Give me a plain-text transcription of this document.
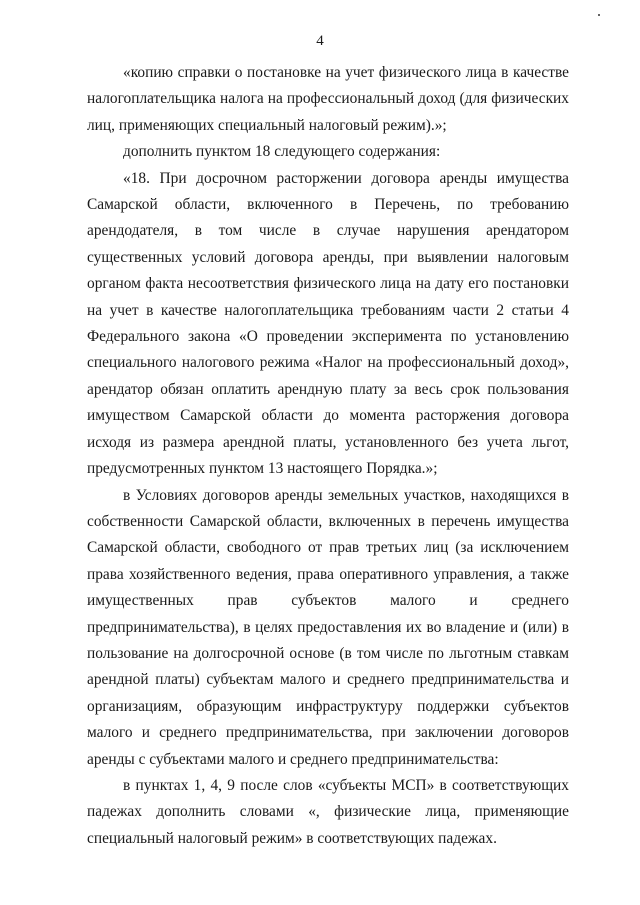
4

«копию справки о постановке на учет физического лица в качестве налогоплательщика налога на профессиональный доход (для физических лиц, применяющих специальный налоговый режим).»;

дополнить пунктом 18 следующего содержания:

«18. При досрочном расторжении договора аренды имущества Самарской области, включенного в Перечень, по требованию арендодателя, в том числе в случае нарушения арендатором существенных условий договора аренды, при выявлении налоговым органом факта несоответствия физического лица на дату его постановки на учет в качестве налогоплательщика требованиям части 2 статьи 4 Федерального закона «О проведении эксперимента по установлению специального налогового режима «Налог на профессиональный доход», арендатор обязан оплатить арендную плату за весь срок пользования имуществом Самарской области до момента расторжения договора исходя из размера арендной платы, установленного без учета льгот, предусмотренных пунктом 13 настоящего Порядка.»;

в Условиях договоров аренды земельных участков, находящихся в собственности Самарской области, включенных в перечень имущества Самарской области, свободного от прав третьих лиц (за исключением права хозяйственного ведения, права оперативного управления, а также имущественных прав субъектов малого и среднего предпринимательства), в целях предоставления их во владение и (или) в пользование на долгосрочной основе (в том числе по льготным ставкам арендной платы) субъектам малого и среднего предпринимательства и организациям, образующим инфраструктуру поддержки субъектов малого и среднего предпринимательства, при заключении договоров аренды с субъектами малого и среднего предпринимательства:

в пунктах 1, 4, 9 после слов «субъекты МСП» в соответствующих падежах дополнить словами «, физические лица, применяющие специальный налоговый режим» в соответствующих падежах.
